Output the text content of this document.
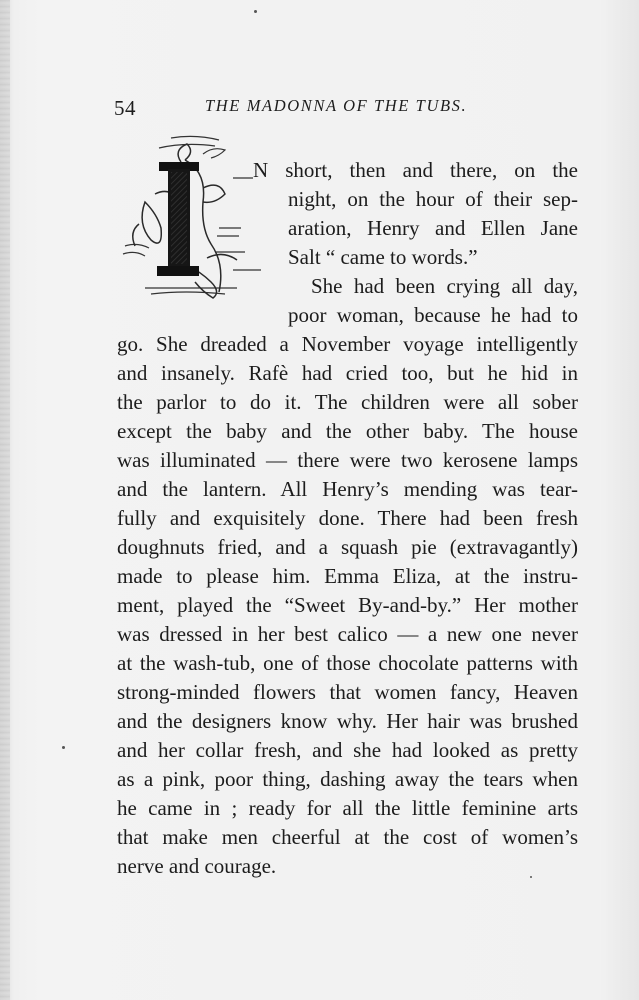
54	THE MADONNA OF THE TUBS.
N short, then and there, on the
night, on the hour of their sep-
aration, Henry and Ellen Jane
Salt “ came to words.”
She had been crying all day,
poor woman, because he had to
go. She dreaded a November voyage intelligently
and insanely. Rafè had cried too, but he hid in
the parlor to do it. The children were all sober
except the baby and the other baby. The house
was illuminated — there were two kerosene lamps
and the lantern. All Henry’s mending was tear-
fully and exquisitely done. There had been fresh
doughnuts fried, and a squash pie (extravagantly)
made to please him. Emma Eliza, at the instru-
ment, played the “Sweet By-and-by.” Her mother
was dressed in her best calico — a new one never
at the wash-tub, one of those chocolate patterns with
strong-minded flowers that women fancy, Heaven
and the designers know why. Her hair was brushed
and her collar fresh, and she had looked as pretty
as a pink, poor thing, dashing away the tears when
he came in ; ready for all the little feminine arts
that make men cheerful at the cost of women’s
nerve and courage.
